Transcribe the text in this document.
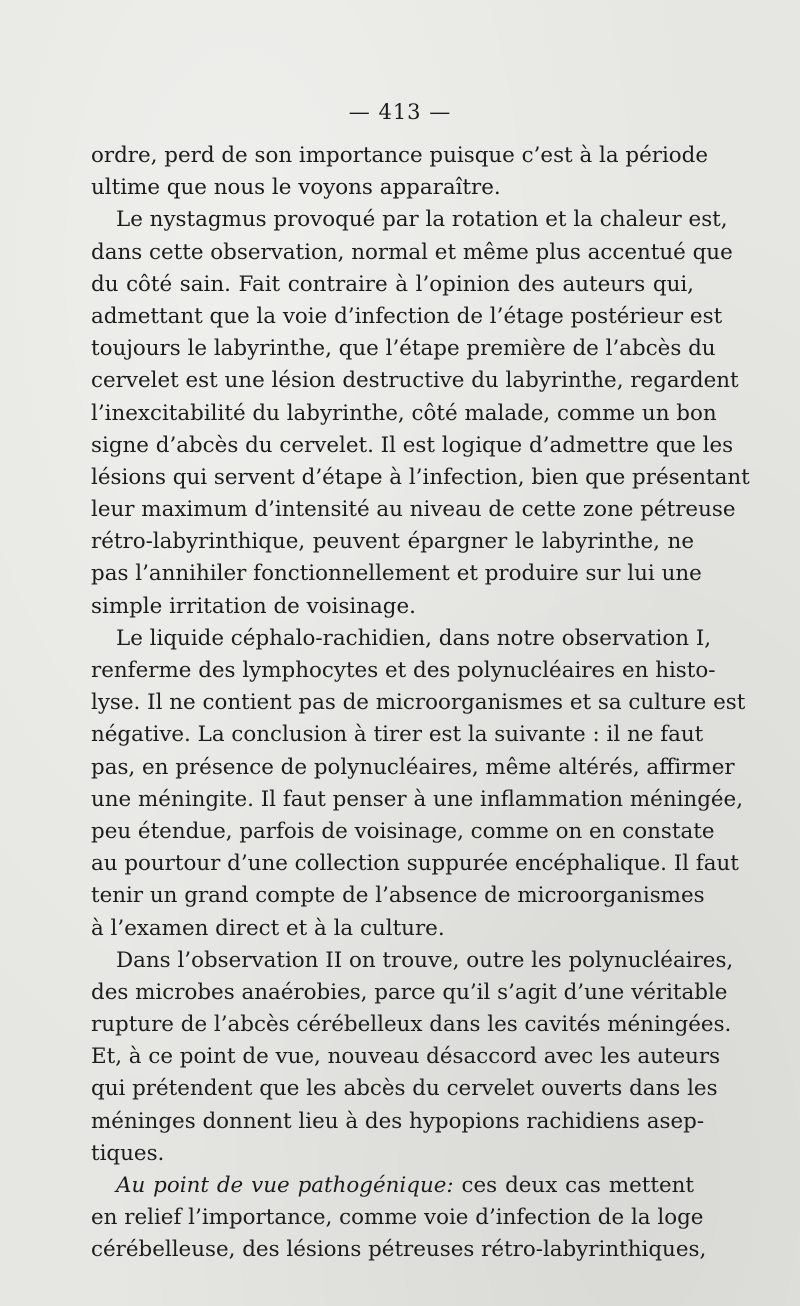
— 413 —
ordre, perd de son importance puisque c’est à la période
ultime que nous le voyons apparaître.
Le nystagmus provoqué par la rotation et la chaleur est,
dans cette observation, normal et même plus accentué que
du côté sain. Fait contraire à l’opinion des auteurs qui,
admettant que la voie d’infection de l’étage postérieur est
toujours le labyrinthe, que l’étape première de l’abcès du
cervelet est une lésion destructive du labyrinthe, regardent
l’inexcitabilité du labyrinthe, côté malade, comme un bon
signe d’abcès du cervelet. Il est logique d’admettre que les
lésions qui servent d’étape à l’infection, bien que présentant
leur maximum d’intensité au niveau de cette zone pétreuse
rétro-labyrinthique, peuvent épargner le labyrinthe, ne
pas l’annihiler fonctionnellement et produire sur lui une
simple irritation de voisinage.
Le liquide céphalo-rachidien, dans notre observation I,
renferme des lymphocytes et des polynucléaires en histo-
lyse. Il ne contient pas de microorganismes et sa culture est
négative. La conclusion à tirer est la suivante : il ne faut
pas, en présence de polynucléaires, même altérés, affirmer
une méningite. Il faut penser à une inflammation méningée,
peu étendue, parfois de voisinage, comme on en constate
au pourtour d’une collection suppurée encéphalique. Il faut
tenir un grand compte de l’absence de microorganismes
à l’examen direct et à la culture.
Dans l’observation II on trouve, outre les polynucléaires,
des microbes anaérobies, parce qu’il s’agit d’une véritable
rupture de l’abcès cérébelleux dans les cavités méningées.
Et, à ce point de vue, nouveau désaccord avec les auteurs
qui prétendent que les abcès du cervelet ouverts dans les
méninges donnent lieu à des hypopions rachidiens asep-
tiques.
Au point de vue pathogénique: ces deux cas mettent
en relief l’importance, comme voie d’infection de la loge
cérébelleuse, des lésions pétreuses rétro-labyrinthiques,
